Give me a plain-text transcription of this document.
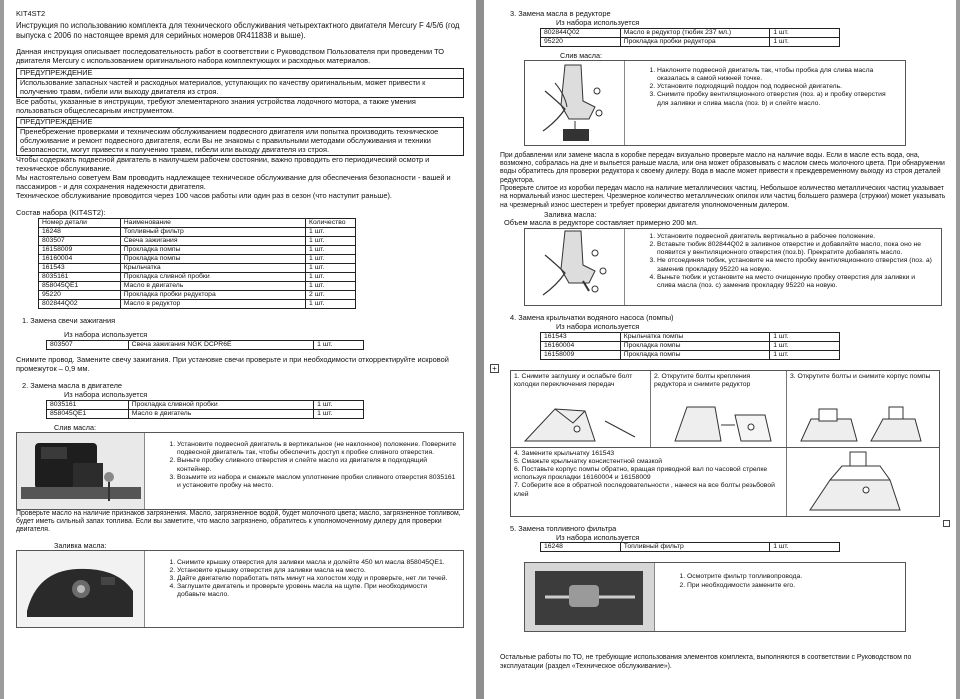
KIT4ST2
Инструкция по использованию комплекта для технического обслуживания четырехтактного двигателя Mercury F 4/5/6 (год выпуска с 2006 по настоящее время для серийных номеров 0R411838 и выше).
Данная инструкция описывает последовательность работ в соответствии с Руководством Пользователя при проведении ТО двигателя Mercury с использованием оригинального набора комплектующих и расходных материалов.

ПРЕДУПРЕЖДЕНИЕ

Использование запасных частей и расходных материалов, уступающих по качеству оригинальным, может привести к получению травм, гибели или выходу двигателя из строя.
Все работы, указанные в инструкции, требуют элементарного знания устройства лодочного мотора, а также умения пользоваться общеслесарным инструментом.

ПРЕДУПРЕЖДЕНИЕ

Пренебрежение проверками и техническим обслуживанием подвесного двигателя или попытка производить техническое обслуживание и ремонт подвесного двигателя, если Вы не знакомы с правильными методами обслуживания и техники безопасности, могут привести к получению травм, гибели или выходу двигателя из строя.
Чтобы содержать подвесной двигатель в наилучшем рабочем состоянии, важно проводить его периодический осмотр и техническое обслуживание.
Мы настоятельно советуем Вам проводить надлежащее техническое обслуживание для обеспечения безопасности - вашей и пассажиров - и для сохранения надежности двигателя.
Техническое обслуживание проводится через 100 часов работы или один раз в сезон (что наступит раньше).
Состав набора (KIT4ST2):
Номер детали	Наименование	Количество
16248	Топливный фильтр	1 шт.
803507	Свеча зажигания	1 шт.
16158009	Прокладка помпы	1 шт.
16160004	Прокладка помпы	1 шт.
161543	Крыльчатка	1 шт.
8035161	Прокладка сливной пробки	1 шт.
858045QE1	Масло в двигатель	1 шт.
95220	Прокладка пробки редуктора	2 шт.
802844Q02	Масло в редуктор	1 шт.
1. Замена свечи зажигания
Из набора используется
803507	Свеча зажигания NGK DCPR6E	1 шт.
Снимите провод. Замените свечу зажигания. При установке свечи проверьте и при необходимости откорректируйте искровой промежуток – 0,9 мм.
2. Замена масла в двигателе
Из набора используется
8035161	Прокладка сливной пробки	1 шт.
858045QE1	Масло в двигатель	1 шт.
Слив масла:
1. Установите подвесной двигатель в вертикальное (не наклонное) положение. Поверните подвесной двигатель так, чтобы обеспечить доступ к пробке сливного отверстия.
2. Выньте пробку сливного отверстия и слейте масло из двигателя в подходящий контейнер.
3. Возьмите из набора и смажьте маслом уплотнение пробки сливного отверстия 8035161 и установите пробку на место.
Проверьте масло на наличие признаков загрязнения. Масло, загрязненное водой, будет молочного цвета; масло, загрязненное топливом, будет иметь сильный запах топлива. Если вы заметите, что масло загрязнено, обратитесь к уполномоченному дилеру для проверки двигателя.
Заливка масла:
1. Снимите крышку отверстия для заливки масла и долейте 450 мл масла 858045QE1.
2. Установите крышку отверстия для заливки масла на место.
3. Дайте двигателю поработать пять минут на холостом ходу и проверьте, нет ли течей.
4. Заглушите двигатель и проверьте уровень масла на щупе. При необходимости добавьте масло.
3. Замена масла в редукторе
Из набора используется
802844Q02	Масло в редуктор (тюбик 237 мл.)	1 шт.
95220	Прокладка пробки редуктора	1 шт.
Слив масла:
1. Наклоните подвесной двигатель так, чтобы пробка для слива масла оказалась в самой нижней точке.
2. Установите подходящий поддон под подвесной двигатель.
3. Снимите пробку вентиляционного отверстия (поз. а) и пробку отверстия для заливки и слива масла (поз. b) и слейте масло.
При добавлении или замене масла в коробке передач визуально проверьте масло на наличие воды. Если в масле есть вода, она, возможно, собралась на дне и выльется раньше масла, или она может образовывать с маслом смесь молочного цвета. При обнаружении воды обратитесь для проверки редуктора к своему дилеру. Вода в масле может привести к преждевременному выходу из строя деталей редуктора.
Проверьте слитое из коробки передач масло на наличие металлических частиц. Небольшое количество металлических частиц указывает на нормальный износ шестерен. Чрезмерное количество металлических опилок или частиц большего размера (стружки) может указывать на чрезмерный износ шестерен и требует проверки двигателя уполномоченным дилером.
Заливка масла:
Объем масла в редукторе составляет примерно 200 мл.
1. Установите подвесной двигатель вертикально в рабочее положение.
2. Вставьте тюбик 802844Q02 в заливное отверстие и добавляйте масло, пока оно не появится у вентиляционного отверстия (поз.b). Прекратите добавлять масло.
3. Не отсоединяя тюбик, установите на место пробку вентиляционного отверстия (поз. а) заменив прокладку 95220 на новую.
4. Выньте тюбик и установите на место очищенную пробку отверстия для заливки и слива масла (поз. с) заменив прокладку 95220 на новую.
4. Замена крыльчатки водяного насоса (помпы)
Из набора используется
161543	Крыльчатка помпы	1 шт.
16160004	Прокладка помпы	1 шт.
16158009	Прокладка помпы	1 шт.
+
1. Снимите заглушку и ослабьте болт колодки переключения передач
2. Открутите болты крепления редуктора и снимите редуктор
3. Открутите болты и снимите корпус помпы
4. Замените крыльчатку 161543
5. Смажьте крыльчатку консистентной смазкой
6. Поставьте корпус помпы обратно, вращая приводной вал по часовой стрелке используя прокладки 16160004 и 16158009
7. Соберите все в обратной последовательности , нанеся на все болты резьбовой клей
5. Замена топливного фильтра
Из набора используется
16248	Топливный фильтр	1 шт.
1. Осмотрите фильтр топливопровода.
2. При необходимости замените его.
Остальные работы по ТО, не требующие использования элементов комплекта, выполняются в соответствии с Руководством по эксплуатации (раздел «Техническое обслуживание»).
